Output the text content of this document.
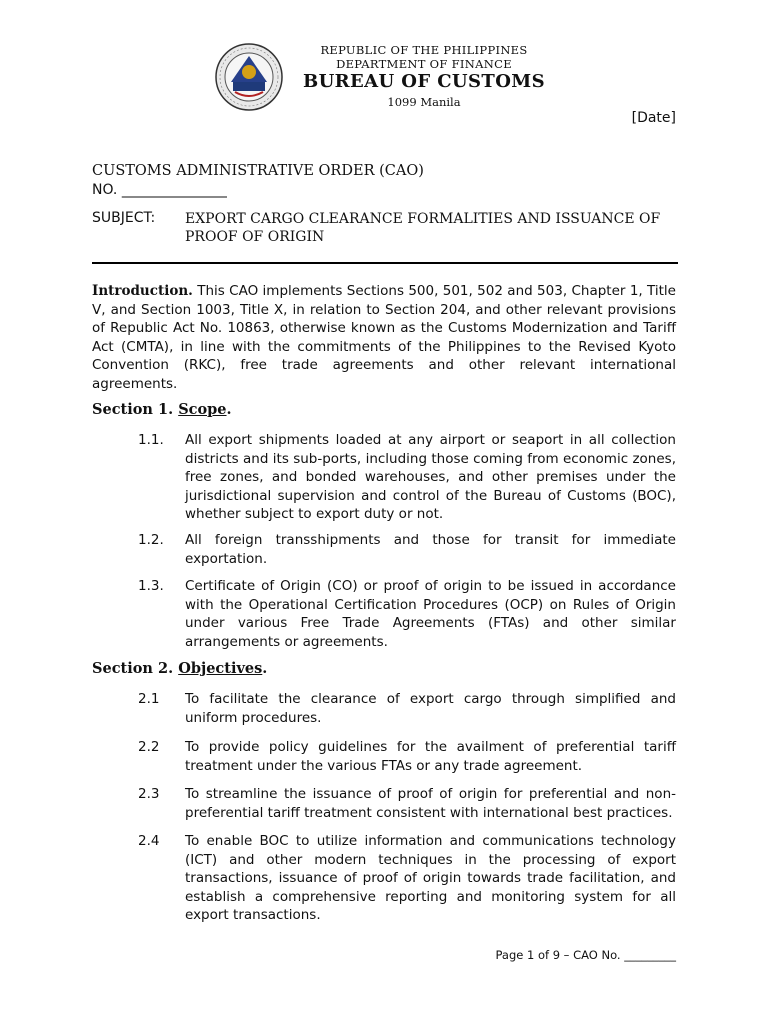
REPUBLIC OF THE PHILIPPINES
DEPARTMENT OF FINANCE
BUREAU OF CUSTOMS
1099 Manila
[Date]
CUSTOMS ADMINISTRATIVE ORDER (CAO)
NO. _______________
SUBJECT: EXPORT CARGO CLEARANCE FORMALITIES AND ISSUANCE OF PROOF OF ORIGIN
Introduction. This CAO implements Sections 500, 501, 502 and 503, Chapter 1, Title V, and Section 1003, Title X, in relation to Section 204, and other relevant provisions of Republic Act No. 10863, otherwise known as the Customs Modernization and Tariff Act (CMTA), in line with the commitments of the Philippines to the Revised Kyoto Convention (RKC), free trade agreements and other relevant international agreements.
Section 1. Scope.
1.1. All export shipments loaded at any airport or seaport in all collection districts and its sub-ports, including those coming from economic zones, free zones, and bonded warehouses, and other premises under the jurisdictional supervision and control of the Bureau of Customs (BOC), whether subject to export duty or not.
1.2. All foreign transshipments and those for transit for immediate exportation.
1.3. Certificate of Origin (CO) or proof of origin to be issued in accordance with the Operational Certification Procedures (OCP) on Rules of Origin under various Free Trade Agreements (FTAs) and other similar arrangements or agreements.
Section 2. Objectives.
2.1 To facilitate the clearance of export cargo through simplified and uniform procedures.
2.2 To provide policy guidelines for the availment of preferential tariff treatment under the various FTAs or any trade agreement.
2.3 To streamline the issuance of proof of origin for preferential and non-preferential tariff treatment consistent with international best practices.
2.4 To enable BOC to utilize information and communications technology (ICT) and other modern techniques in the processing of export transactions, issuance of proof of origin towards trade facilitation, and establish a comprehensive reporting and monitoring system for all export transactions.
Page 1 of 9 – CAO No. _________
